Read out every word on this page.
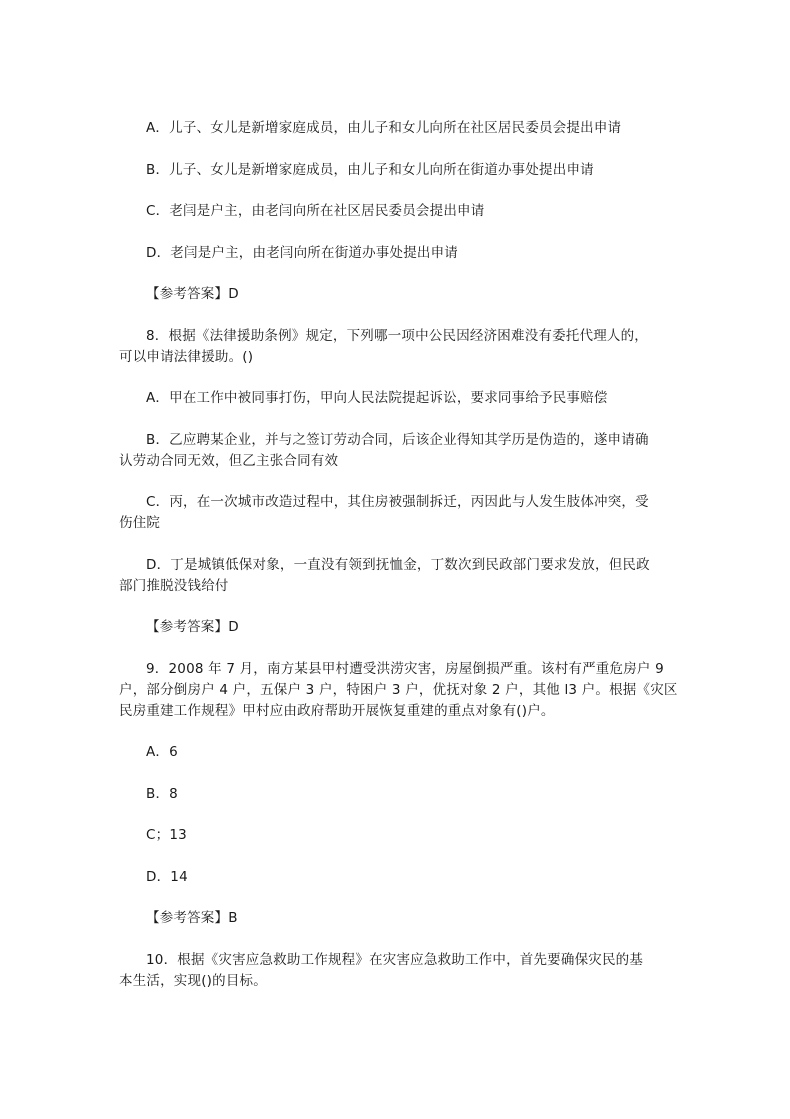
A．儿子、女儿是新增家庭成员，由儿子和女儿向所在社区居民委员会提出申请
B．儿子、女儿是新增家庭成员，由儿子和女儿向所在街道办事处提出申请
C．老闫是户主，由老闫向所在社区居民委员会提出申请
D．老闫是户主，由老闫向所在街道办事处提出申请
【参考答案】D
8．根据《法律援助条例》规定，下列哪一项中公民因经济困难没有委托代理人的，
可以申请法律援助。()
A．甲在工作中被同事打伤，甲向人民法院提起诉讼，要求同事给予民事赔偿
B．乙应聘某企业，并与之签订劳动合同，后该企业得知其学历是伪造的，遂申请确
认劳动合同无效，但乙主张合同有效
C．丙，在一次城市改造过程中，其住房被强制拆迁，丙因此与人发生肢体冲突，受
伤住院
D．丁是城镇低保对象，一直没有领到抚恤金，丁数次到民政部门要求发放，但民政
部门推脱没钱给付
【参考答案】D
9．2008 年 7 月，南方某县甲村遭受洪涝灾害，房屋倒损严重。该村有严重危房户 9
户，部分倒房户 4 户，五保户 3 户，特困户 3 户，优抚对象 2 户，其他 l3 户。根据《灾区
民房重建工作规程》甲村应由政府帮助开展恢复重建的重点对象有()户。
A．6
B．8
C；13
D．14
【参考答案】B
10．根据《灾害应急救助工作规程》在灾害应急救助工作中，首先要确保灾民的基
本生活，实现()的目标。
